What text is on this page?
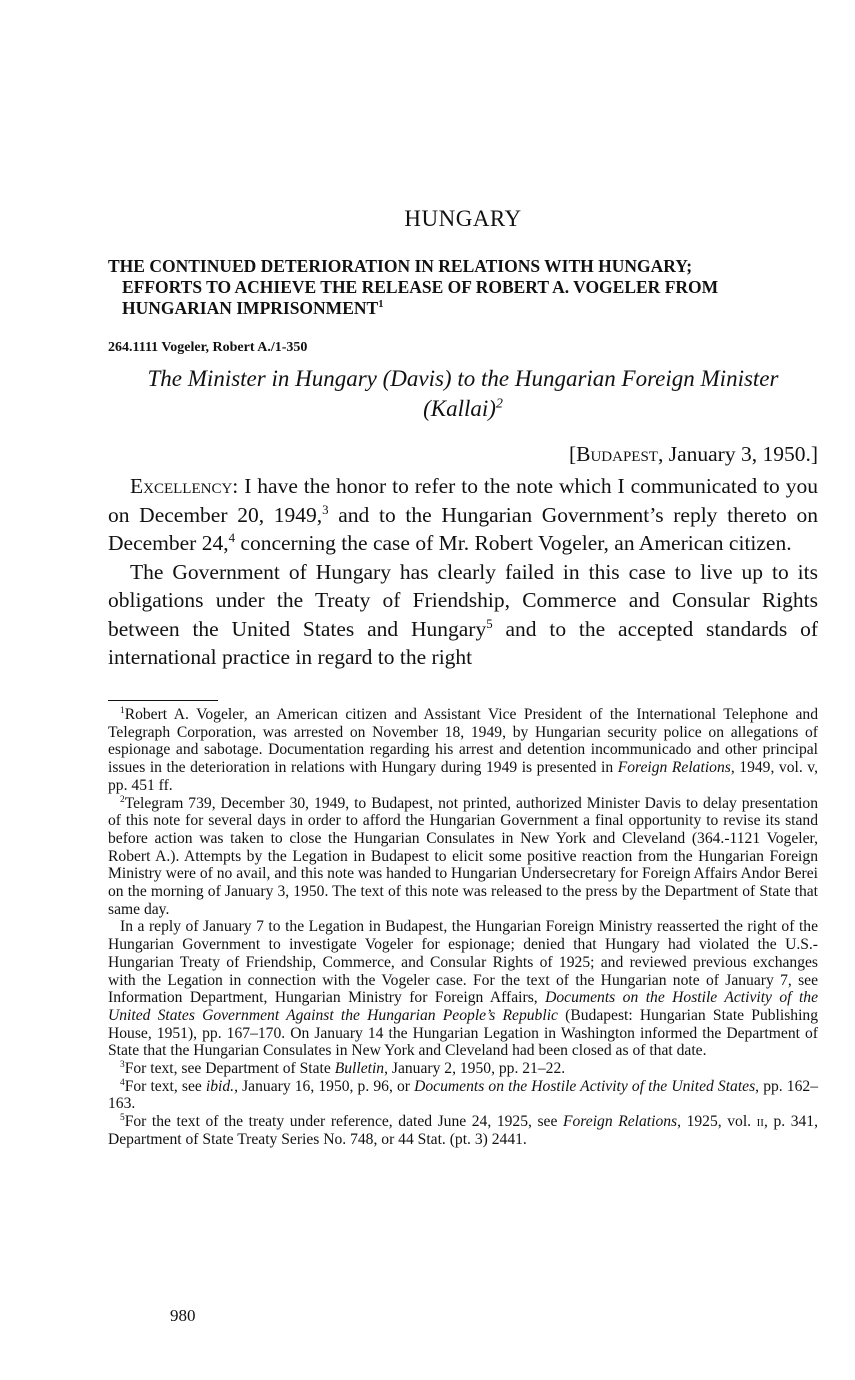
HUNGARY
THE CONTINUED DETERIORATION IN RELATIONS WITH HUNGARY;
EFFORTS TO ACHIEVE THE RELEASE OF ROBERT A. VOGELER FROM
HUNGARIAN IMPRISONMENT$^1$
264.1111 Vogeler, Robert A./1-350
The Minister in Hungary (Davis) to the Hungarian Foreign Minister
(Kallai)$^2$
[Budapest, January 3, 1950.]

Excellency: I have the honor to refer to the note which I communicated to you on December 20, 1949,$^3$ and to the Hungarian Government’s reply thereto on December 24,$^4$ concerning the case of Mr. Robert Vogeler, an American citizen.

The Government of Hungary has clearly failed in this case to live up to its obligations under the Treaty of Friendship, Commerce and Consular Rights between the United States and Hungary$^5$ and to the accepted standards of international practice in regard to the right

$^1$Robert A. Vogeler, an American citizen and Assistant Vice President of the International Telephone and Telegraph Corporation, was arrested on November 18, 1949, by Hungarian security police on allegations of espionage and sabotage. Documentation regarding his arrest and detention incommunicado and other principal issues in the deterioration in relations with Hungary during 1949 is presented in Foreign Relations, 1949, vol. v, pp. 451 ff.

$^2$Telegram 739, December 30, 1949, to Budapest, not printed, authorized Minister Davis to delay presentation of this note for several days in order to afford the Hungarian Government a final opportunity to revise its stand before action was taken to close the Hungarian Consulates in New York and Cleveland (364.-1121 Vogeler, Robert A.). Attempts by the Legation in Budapest to elicit some positive reaction from the Hungarian Foreign Ministry were of no avail, and this note was handed to Hungarian Undersecretary for Foreign Affairs Andor Berei on the morning of January 3, 1950. The text of this note was released to the press by the Department of State that same day.

In a reply of January 7 to the Legation in Budapest, the Hungarian Foreign Ministry reasserted the right of the Hungarian Government to investigate Vogeler for espionage; denied that Hungary had violated the U.S.-Hungarian Treaty of Friendship, Commerce, and Consular Rights of 1925; and reviewed previous exchanges with the Legation in connection with the Vogeler case. For the text of the Hungarian note of January 7, see Information Department, Hungarian Ministry for Foreign Affairs, Documents on the Hostile Activity of the United States Government Against the Hungarian People’s Republic (Budapest: Hungarian State Publishing House, 1951), pp. 167–170. On January 14 the Hungarian Legation in Washington informed the Department of State that the Hungarian Consulates in New York and Cleveland had been closed as of that date.

$^3$For text, see Department of State Bulletin, January 2, 1950, pp. 21–22.

$^4$For text, see ibid., January 16, 1950, p. 96, or Documents on the Hostile Activity of the United States, pp. 162–163.

$^5$For the text of the treaty under reference, dated June 24, 1925, see Foreign Relations, 1925, vol. ii, p. 341, Department of State Treaty Series No. 748, or 44 Stat. (pt. 3) 2441.

980
